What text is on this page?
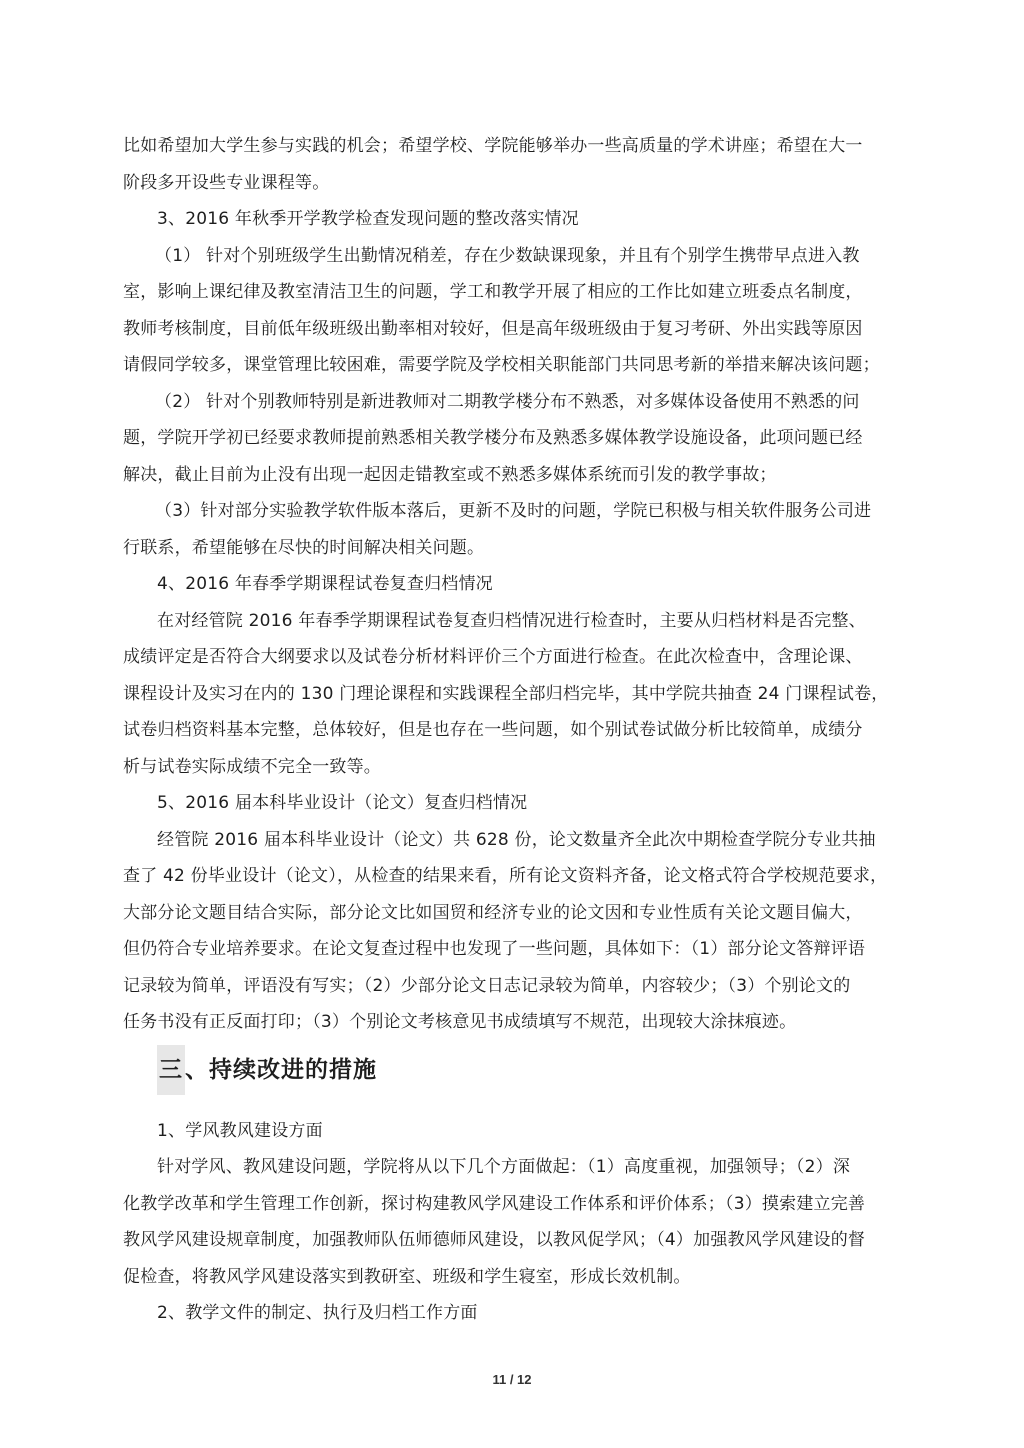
比如希望加大学生参与实践的机会；希望学校、学院能够举办一些高质量的学术讲座；希望在大一
阶段多开设些专业课程等。
3、2016 年秋季开学教学检查发现问题的整改落实情况
（1） 针对个别班级学生出勤情况稍差，存在少数缺课现象，并且有个别学生携带早点进入教
室，影响上课纪律及教室清洁卫生的问题，学工和教学开展了相应的工作比如建立班委点名制度，
教师考核制度，目前低年级班级出勤率相对较好，但是高年级班级由于复习考研、外出实践等原因
请假同学较多，课堂管理比较困难，需要学院及学校相关职能部门共同思考新的举措来解决该问题；
（2） 针对个别教师特别是新进教师对二期教学楼分布不熟悉，对多媒体设备使用不熟悉的问
题，学院开学初已经要求教师提前熟悉相关教学楼分布及熟悉多媒体教学设施设备，此项问题已经
解决，截止目前为止没有出现一起因走错教室或不熟悉多媒体系统而引发的教学事故；
（3）针对部分实验教学软件版本落后，更新不及时的问题，学院已积极与相关软件服务公司进
行联系，希望能够在尽快的时间解决相关问题。
4、2016 年春季学期课程试卷复查归档情况
在对经管院 2016 年春季学期课程试卷复查归档情况进行检查时，主要从归档材料是否完整、
成绩评定是否符合大纲要求以及试卷分析材料评价三个方面进行检查。在此次检查中，含理论课、
课程设计及实习在内的 130 门理论课程和实践课程全部归档完毕，其中学院共抽查 24 门课程试卷，
试卷归档资料基本完整，总体较好，但是也存在一些问题，如个别试卷试做分析比较简单，成绩分
析与试卷实际成绩不完全一致等。
5、2016 届本科毕业设计（论文）复查归档情况
经管院 2016 届本科毕业设计（论文）共 628 份，论文数量齐全此次中期检查学院分专业共抽
查了 42 份毕业设计（论文），从检查的结果来看，所有论文资料齐备，论文格式符合学校规范要求，
大部分论文题目结合实际，部分论文比如国贸和经济专业的论文因和专业性质有关论文题目偏大，
但仍符合专业培养要求。在论文复查过程中也发现了一些问题，具体如下：（1）部分论文答辩评语
记录较为简单，评语没有写实；（2）少部分论文日志记录较为简单，内容较少；（3）个别论文的
任务书没有正反面打印；（3）个别论文考核意见书成绩填写不规范，出现较大涂抹痕迹。
三、持续改进的措施
1、学风教风建设方面
针对学风、教风建设问题，学院将从以下几个方面做起：（1）高度重视，加强领导；（2）深
化教学改革和学生管理工作创新，探讨构建教风学风建设工作体系和评价体系；（3）摸索建立完善
教风学风建设规章制度，加强教师队伍师德师风建设，以教风促学风；（4）加强教风学风建设的督
促检查，将教风学风建设落实到教研室、班级和学生寝室，形成长效机制。
2、教学文件的制定、执行及归档工作方面
11 / 12
